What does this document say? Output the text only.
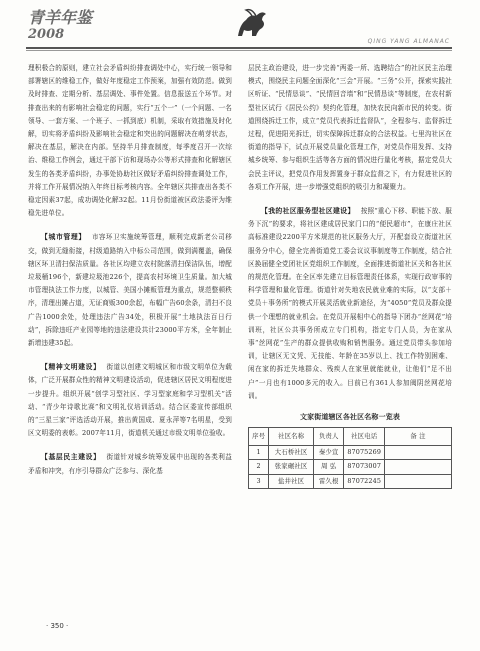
青羊年鉴
2008	QING YANG ALMANAC

理积极合的原则，建立社会矛盾纠纷排查调处中心，实行统一领导和部署辖区的维稳工作，做好年度稳定工作预案，加强有效防范。做到及时排查、定期分析、基层调处、事件处置。信息报送五个环节。对排查出来的有影响社会稳定的问题，实行“五个一”（一个问题、一名领导、一套方案、一个班子、一抓到底）机制，采取有效措施及时化解，切实将矛盾纠纷及影响社会稳定和突出的问题解决在萌芽状态，解决在基层，解决在内部。坚持半月排查制度，每季度召开一次综治、维稳工作例会，通过干部下访和现场办公等形式排查和化解辖区发生的各类矛盾纠纷，办事处协助社区做好矛盾纠纷排查调处工作，并将工作开展情况纳入年终目标考核内容。全年辖区共排查出各类不稳定因素37起，成功调处化解32起。11月份街道被区政法委评为维稳先进单位。

【城市管理】 市容环卫实施统筹管理，顺利完成新老公司移交，做到无缝衔接，村级道路纳入中标公司范围，做到满覆盖，确保辖区环卫清扫保洁质量。各社区均建立农村院落清扫保洁队伍，增配垃圾桶196个，新建垃圾池226个，提高农村环境卫生质量。加大城市管理执法工作力度，以城管、美国小摊贩管理为重点，规范整顿秩序，清理出摊占道，无证商贩300余起，布幅广告60余条，清扫不良广告1000余处，处理违法广告34处，积极开展“土地执法百日行动”，拆除违旺产业园等地的违法建设共计23000平方米，全年制止新增违建35起。

【精神文明建设】 街道以创建文明城区和市级文明单位为载体，广泛开展群众性的精神文明建设活动，促进辖区居民文明程度进一步提升。组织开展“创学习型社区、学习型家庭和学习型机关”活动、“青少年诗歌比赛”和文明礼仪培训活动。结合区委宣传部组织的“三星三家”评选活动开展，推出黄国成、夏永萍等7名明星，受到区文明委的表彰。2007年11月，街道机关通过市级文明单位验收。

【基层民主建设】 街道针对城乡统筹发展中出现的各类利益矛盾和冲突，有序引导群众广泛参与、深化基

层民主政治建设，进一步完善“两委一所、选聘结合”的社区民主治理模式，围绕民主问题全面深化“三会”开展。“三务”公开，探索实践社区听证、“民情恳谈”、“民情回音墙”和“民情恳谈”等制度，在农村新型社区试行《居民公约》契约化管理，加快农民向新市民的转变。街道围绕拆迁工作，成立“党员代表拆迁监督队”，全程参与、监督拆迁过程，促进阳光拆迁，切实保障拆迁群众的合法权益。七里沟社区在街道的指导下，试点开展党员量化管理工作，对党员作用发挥、支持城乡统筹、参与组织生活等各方面的情况进行量化考核，据定党员大会民主评议，把党员作用发挥置身于群众监督之下，有力促进社区的各项工作开展，进一步增强党组织的吸引力和凝聚力。

【我的社区服务型社区建设】 按照“重心下移、职能下放、服务下沉”的要求，将社区建成居民家门口的“便民超市”，在康庄社区高标准建设2200平方米规范的社区服务大厅，开配套设立街道社区服务分中心，健全完善街道党工委会议议事制度等工作制度，结合社区换届健全党团社区党组织工作制度，全面推进街道社区关和各社区的规范化管理。在全区率先建立目标管理责任体系，实现行政审事的科学管理和量化管理。街道针对失地农民就业难的实际，以“支部＋党员＋事务所”的模式开展灵活就业新途径，为“4050”党员及群众提供一个理想的就业机会。在党员开展相中心的指导下团办“丝网花”培训班，社区公共事务所成立专门机构，指定专门人员，为在家从事“丝网花”生产的群众提供收购和销售服务。通过党员带头参加培训，让辖区无文凭、无技能、年龄在35岁以上、找工作特别困难、闲在家的拆迁失地群众、残疾人在家里就能就业，让他们“足不出户”一月也有1000多元的收入。目前已有361人参加阀阴丝网花培训。

文家街道辖区各社区名称一览表
序号	社区名称	负责人	社区电话	备 注
1	大石桥社区	秦少宣	87075269	
2	张家碾社区	周 弘	87073007	
3	盐井社区	雷久根	87072245	
· 350 ·
